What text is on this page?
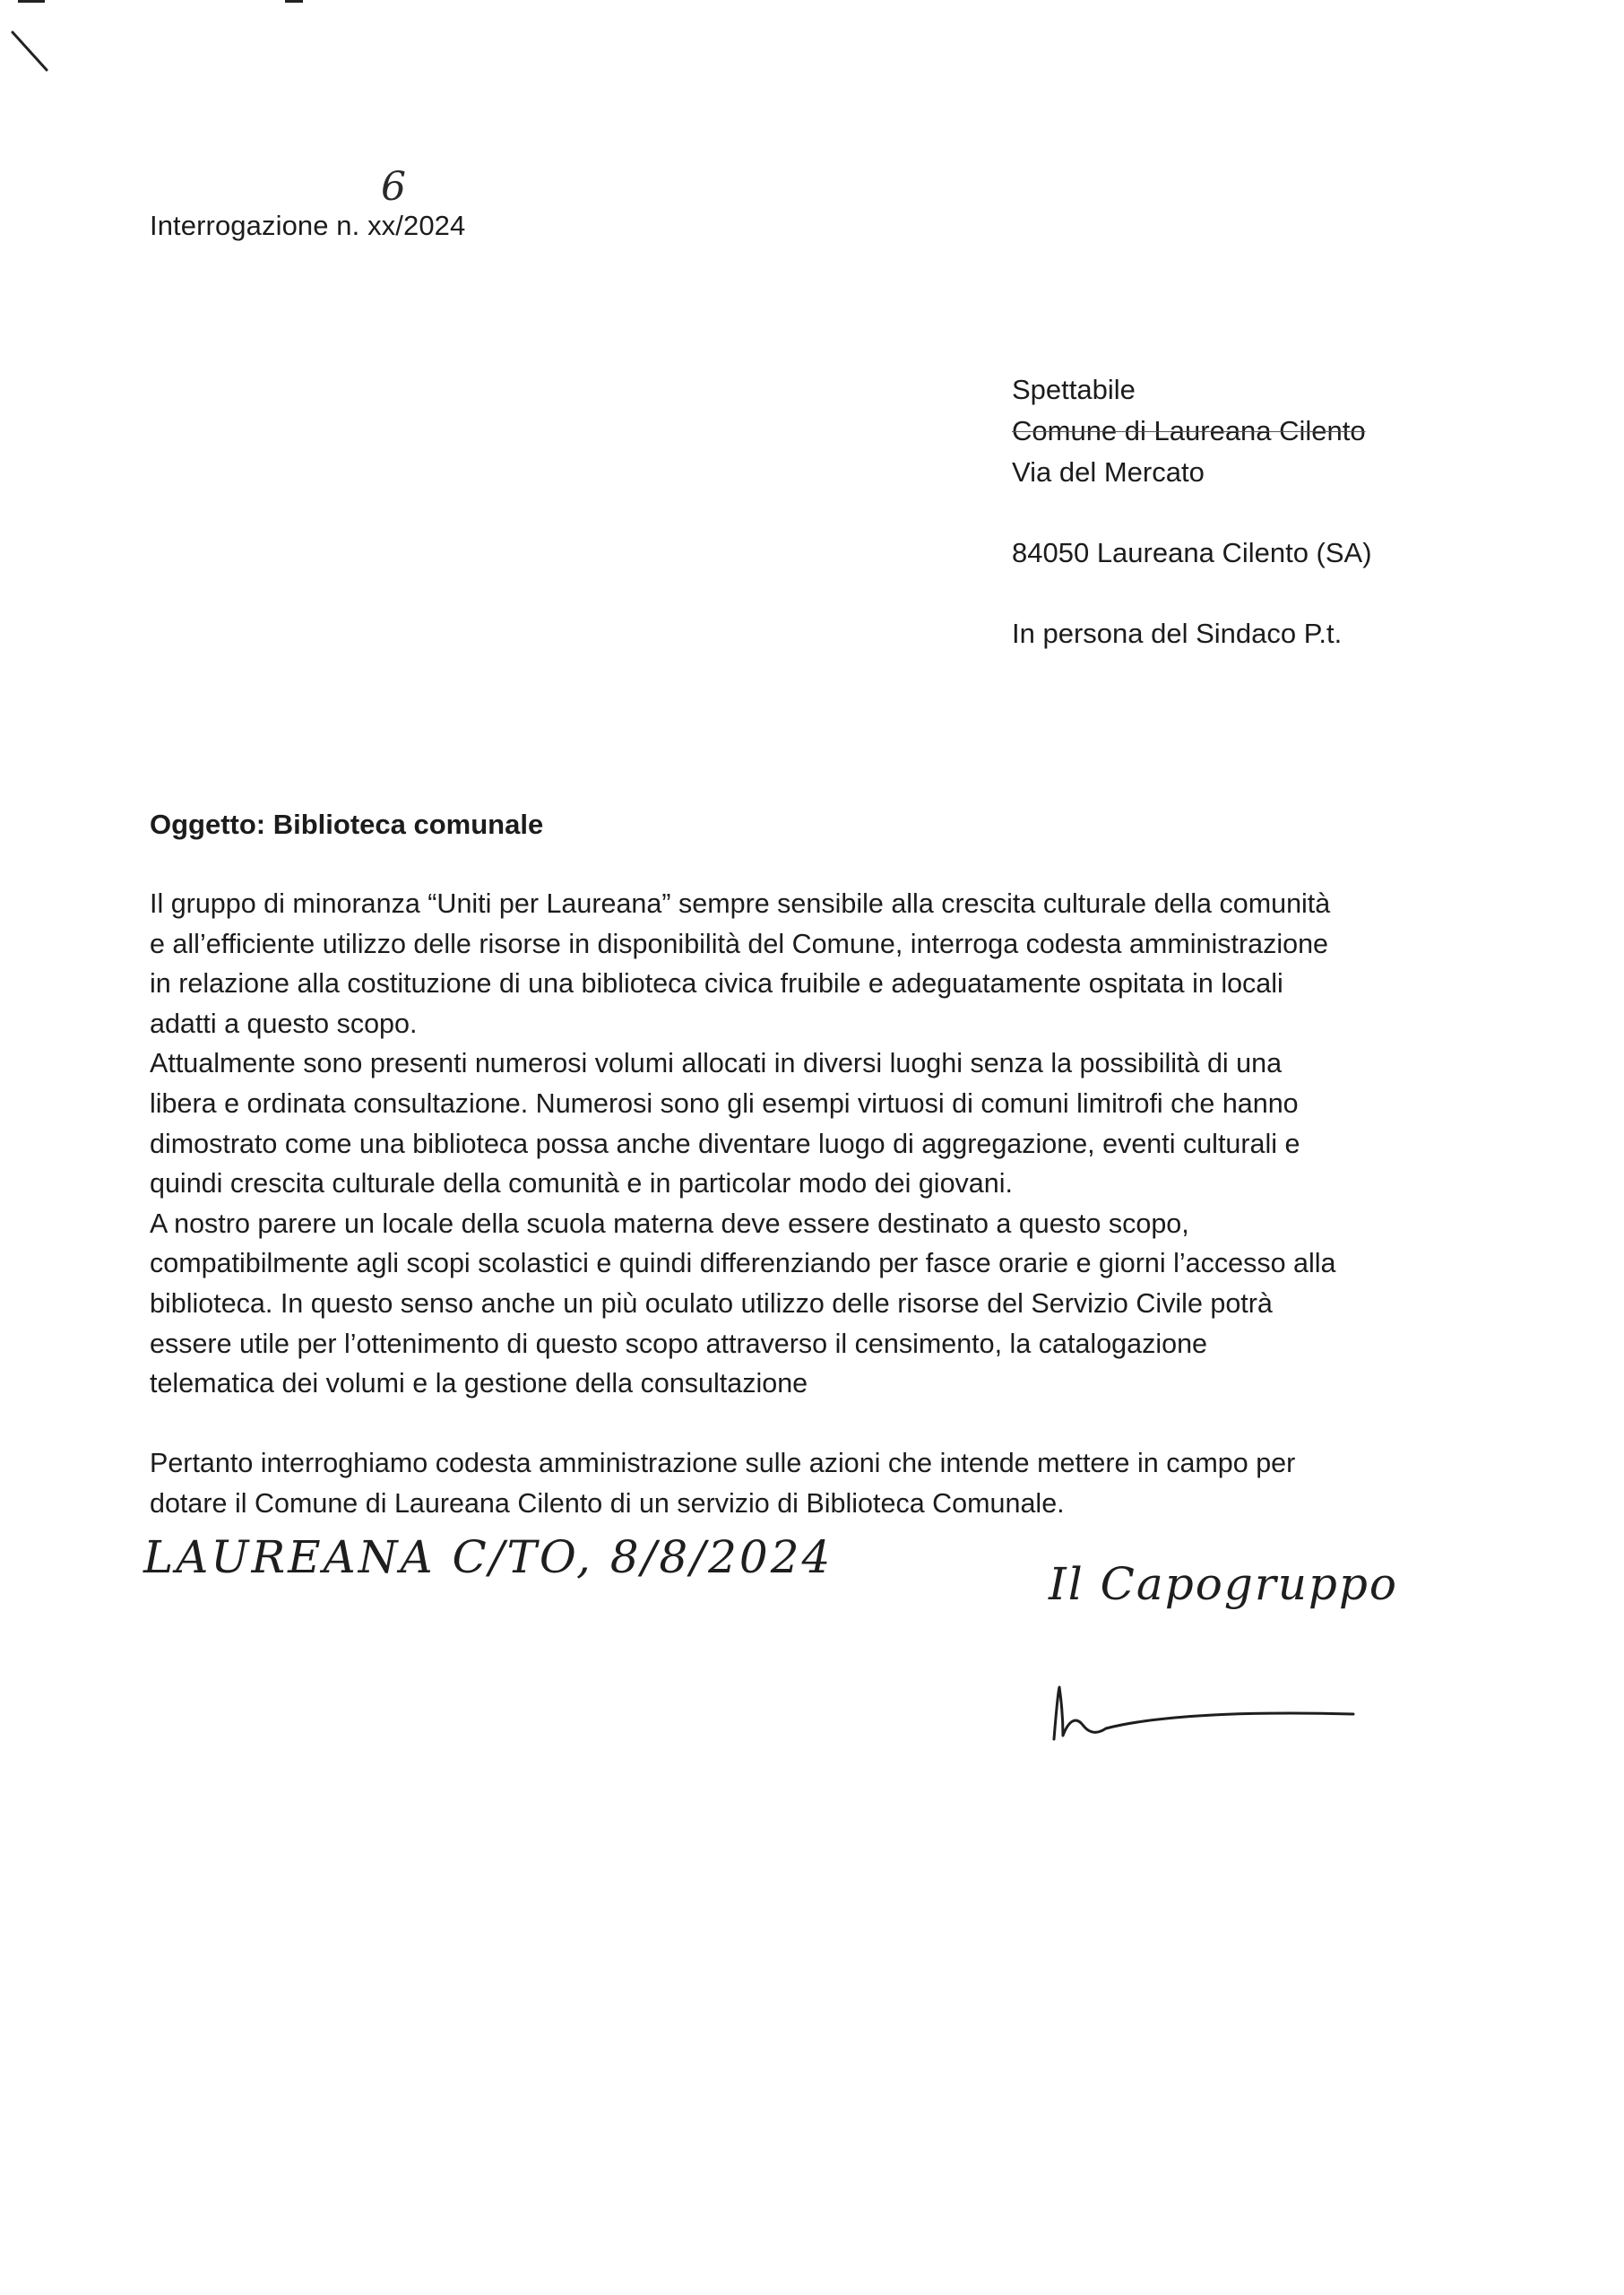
Interrogazione n. xx/2024
6
Spettabile
Comune di Laureana Cilento
Via del Mercato
84050 Laureana Cilento (SA)
In persona del Sindaco P.t.
Oggetto: Biblioteca comunale
Il gruppo di minoranza “Uniti per Laureana” sempre sensibile alla crescita culturale della comunità
e all’efficiente utilizzo delle risorse in disponibilità del Comune, interroga codesta amministrazione
in relazione alla costituzione di una biblioteca civica fruibile e adeguatamente ospitata in locali
adatti a questo scopo.
Attualmente sono presenti numerosi volumi allocati in diversi luoghi senza la possibilità di una
libera e ordinata consultazione. Numerosi sono gli esempi virtuosi di comuni limitrofi che hanno
dimostrato come una biblioteca possa anche diventare luogo di aggregazione, eventi culturali e
quindi crescita culturale della comunità e in particolar modo dei giovani.
A nostro parere un locale della scuola materna deve essere destinato a questo scopo,
compatibilmente agli scopi scolastici e quindi differenziando per fasce orarie e giorni l’accesso alla
biblioteca. In questo senso anche un più oculato utilizzo delle risorse del Servizio Civile potrà
essere utile per l’ottenimento di questo scopo attraverso il censimento, la catalogazione
telematica dei volumi e la gestione della consultazione
Pertanto interroghiamo codesta amministrazione sulle azioni che intende mettere in campo per
dotare il Comune di Laureana Cilento di un servizio di Biblioteca Comunale.
LAUREANA C/TO, 8/8/2024
Il Capogruppo
